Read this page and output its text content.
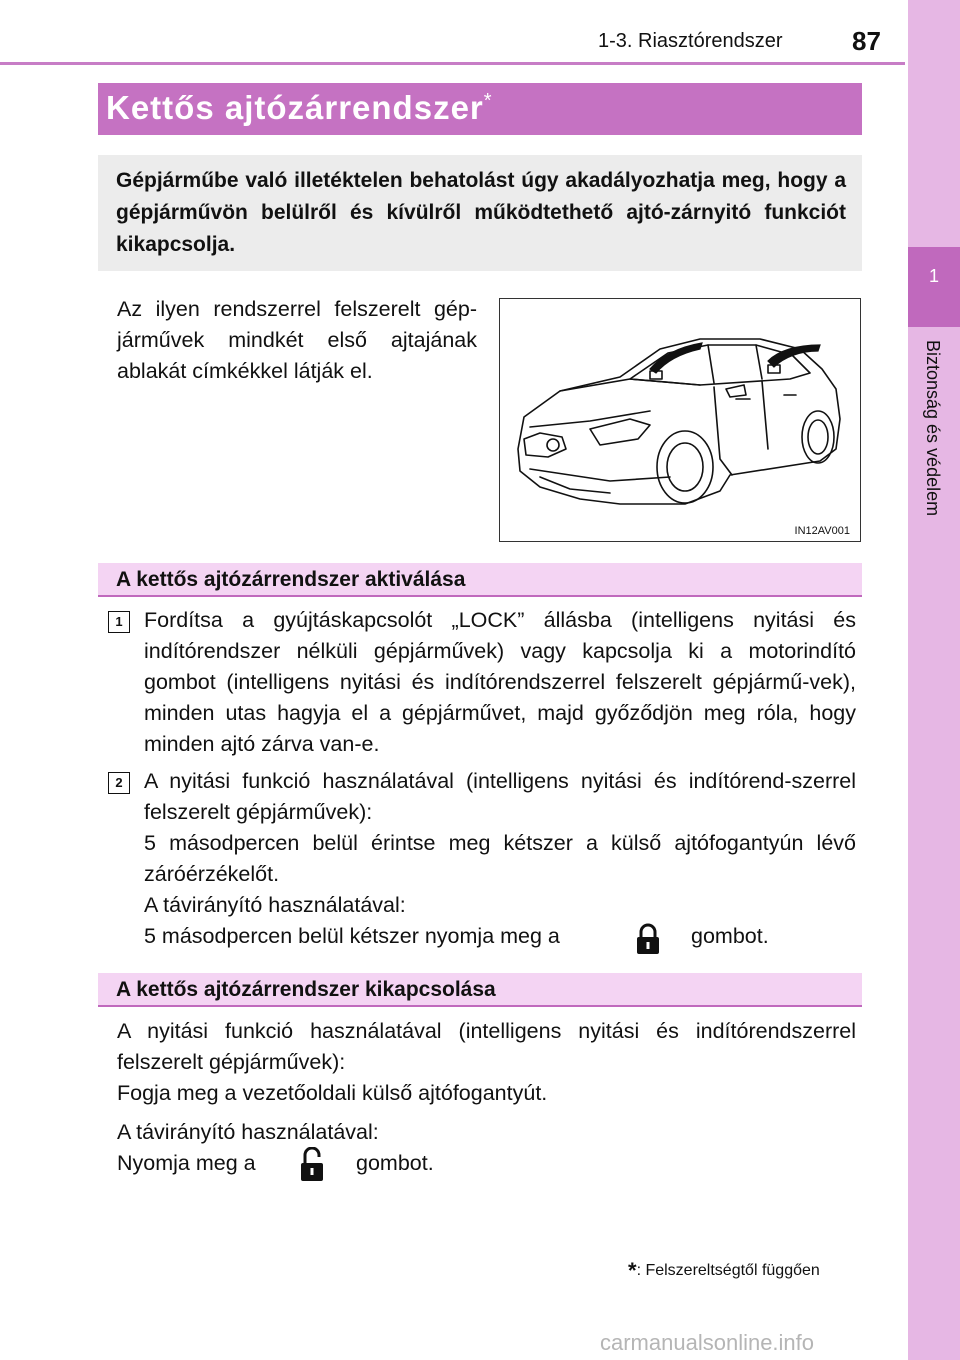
1-3. Riasztórendszer	87
1
Biztonság és védelem
Kettős ajtózárrendszer*
Gépjárműbe való illetéktelen behatolást úgy akadályozhatja meg, hogy a gépjárművön belülről és kívülről működtethető ajtó-zárnyitó funkciót kikapcsolja.
Az ilyen rendszerrel felszerelt gép-járművek mindkét első ajtajának ablakát címkékkel látják el.
IN12AV001
A kettős ajtózárrendszer aktiválása
1 Fordítsa a gyújtáskapcsolót „LOCK” állásba (intelligens nyitási és indítórendszer nélküli gépjárművek) vagy kapcsolja ki a motorindító gombot (intelligens nyitási és indítórendszerrel felszerelt gépjármű-vek), minden utas hagyja el a gépjárművet, majd győződjön meg róla, hogy minden ajtó zárva van-e.
2 A nyitási funkció használatával (intelligens nyitási és indítórend-szerrel felszerelt gépjárművek):
5 másodpercen belül érintse meg kétszer a külső ajtófogantyún lévő záróérzékelőt.
A távirányító használatával:
5 másodpercen belül kétszer nyomja meg a	gombot.
A kettős ajtózárrendszer kikapcsolása
A nyitási funkció használatával (intelligens nyitási és indítórendszerrel felszerelt gépjárművek):
Fogja meg a vezetőoldali külső ajtófogantyút.
A távirányító használatával:
Nyomja meg a	gombot.
*: Felszereltségtől függően
carmanualsonline.info
